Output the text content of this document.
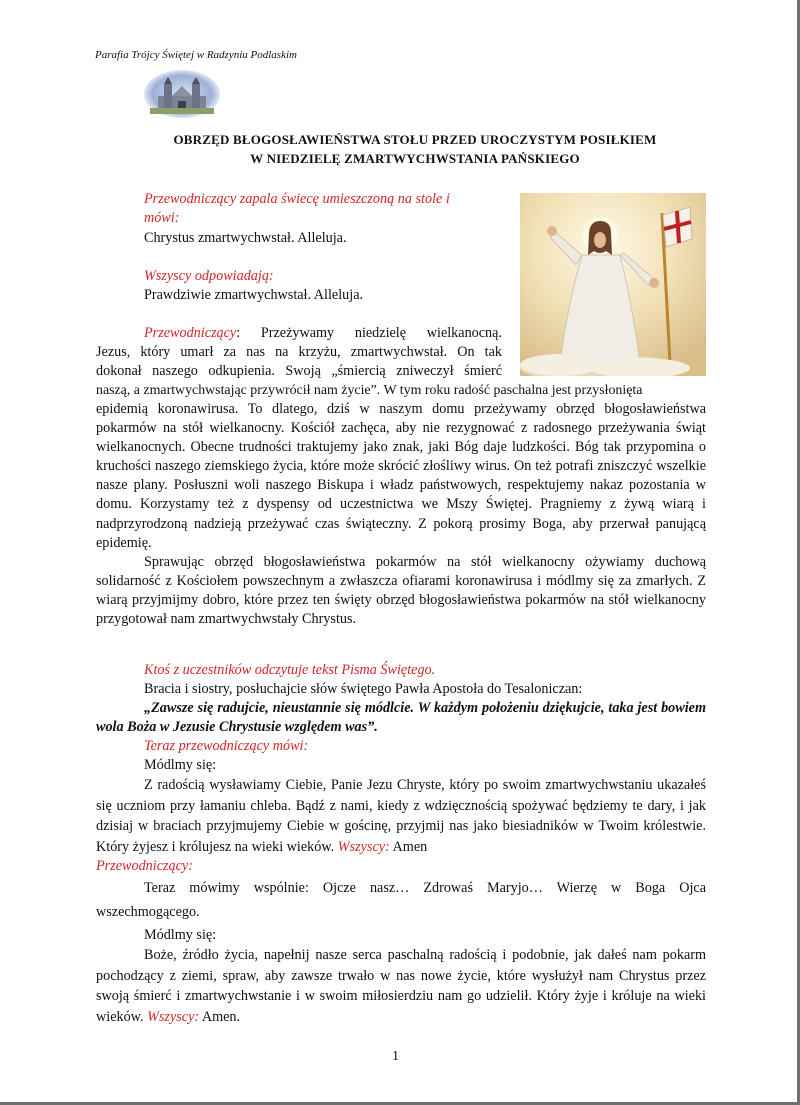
Parafia Trójcy Świętej w Radzyniu Podlaskim
OBRZĘD BŁOGOSŁAWIEŃSTWA STOŁU PRZED UROCZYSTYM POSIŁKIEM
W NIEDZIELĘ ZMARTWYCHWSTANIA PAŃSKIEGO
Przewodniczący zapala świecę umieszczoną na stole i
mówi:
Chrystus zmartwychwstał. Alleluja.
Wszyscy odpowiadają:
Prawdziwie zmartwychwstał. Alleluja.
Przewodniczący: Przeżywamy niedzielę wielkanocną.
Jezus, który umarł za nas na krzyżu, zmartwychwstał. On tak
dokonał naszego odkupienia. Swoją „śmiercią zniweczył śmierć
naszą, a zmartwychwstając przywrócił nam życie”. W tym roku radość paschalna jest przysłonięta
epidemią koronawirusa. To dlatego, dziś w naszym domu przeżywamy obrzęd błogosławieństwa pokarmów na stół wielkanocny. Kościół zachęca, aby nie rezygnować z radosnego przeżywania świąt wielkanocnych. Obecne trudności traktujemy jako znak, jaki Bóg daje ludzkości. Bóg tak przypomina o kruchości naszego ziemskiego życia, które może skrócić złośliwy wirus. On też potrafi zniszczyć wszelkie nasze plany. Posłuszni woli naszego Biskupa i władz państwowych, respektujemy nakaz pozostania w domu. Korzystamy też z dyspensy od uczestnictwa we Mszy Świętej. Pragniemy z żywą wiarą i nadprzyrodzoną nadzieją przeżywać czas świąteczny. Z pokorą prosimy Boga, aby przerwał panującą epidemię.
Sprawując obrzęd błogosławieństwa pokarmów na stół wielkanocny ożywiamy duchową solidarność z Kościołem powszechnym a zwłaszcza ofiarami koronawirusa i módlmy się za zmarłych. Z wiarą przyjmijmy dobro, które przez ten święty obrzęd błogosławieństwa pokarmów na stół wielkanocny przygotował nam zmartwychwstały Chrystus.
Ktoś z uczestników odczytuje tekst Pisma Świętego.
Bracia i siostry, posłuchajcie słów świętego Pawła Apostoła do Tesaloniczan:
„Zawsze się radujcie, nieustannie się módlcie. W każdym położeniu dziękujcie, taka jest bowiem wola Boża w Jezusie Chrystusie względem was”.
Teraz przewodniczący mówi:
Módlmy się:
Z radością wysławiamy Ciebie, Panie Jezu Chryste, który po swoim zmartwychwstaniu ukazałeś się uczniom przy łamaniu chleba. Bądź z nami, kiedy z wdzięcznością spożywać będziemy te dary, i jak dzisiaj w braciach przyjmujemy Ciebie w gościnę, przyjmij nas jako biesiadników w Twoim królestwie. Który żyjesz i królujesz na wieki wieków. Wszyscy: Amen
Przewodniczący:
Teraz mówimy wspólnie: Ojcze nasz… Zdrowaś Maryjo… Wierzę w Boga Ojca wszechmogącego.
Módlmy się:
Boże, źródło życia, napełnij nasze serca paschalną radością i podobnie, jak dałeś nam pokarm pochodzący z ziemi, spraw, aby zawsze trwało w nas nowe życie, które wysłużył nam Chrystus przez swoją śmierć i zmartwychwstanie i w swoim miłosierdziu nam go udzielił. Który żyje i króluje na wieki wieków. Wszyscy: Amen.
1
